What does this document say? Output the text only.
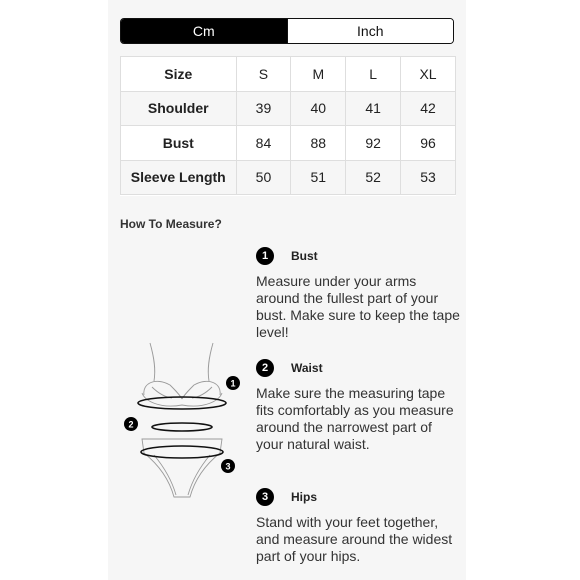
Cm	Inch
Size	S	M	L	XL
Shoulder	39	40	41	42
Bust	84	88	92	96
Sleeve Length	50	51	52	53
How To Measure?
1
2
3
1	Bust
Measure under your arms around the fullest part of your bust. Make sure to keep the tape level!
2	Waist
Make sure the measuring tape fits comfortably as you measure around the narrowest part of your natural waist.
3	Hips
Stand with your feet together, and measure around the widest part of your hips.
